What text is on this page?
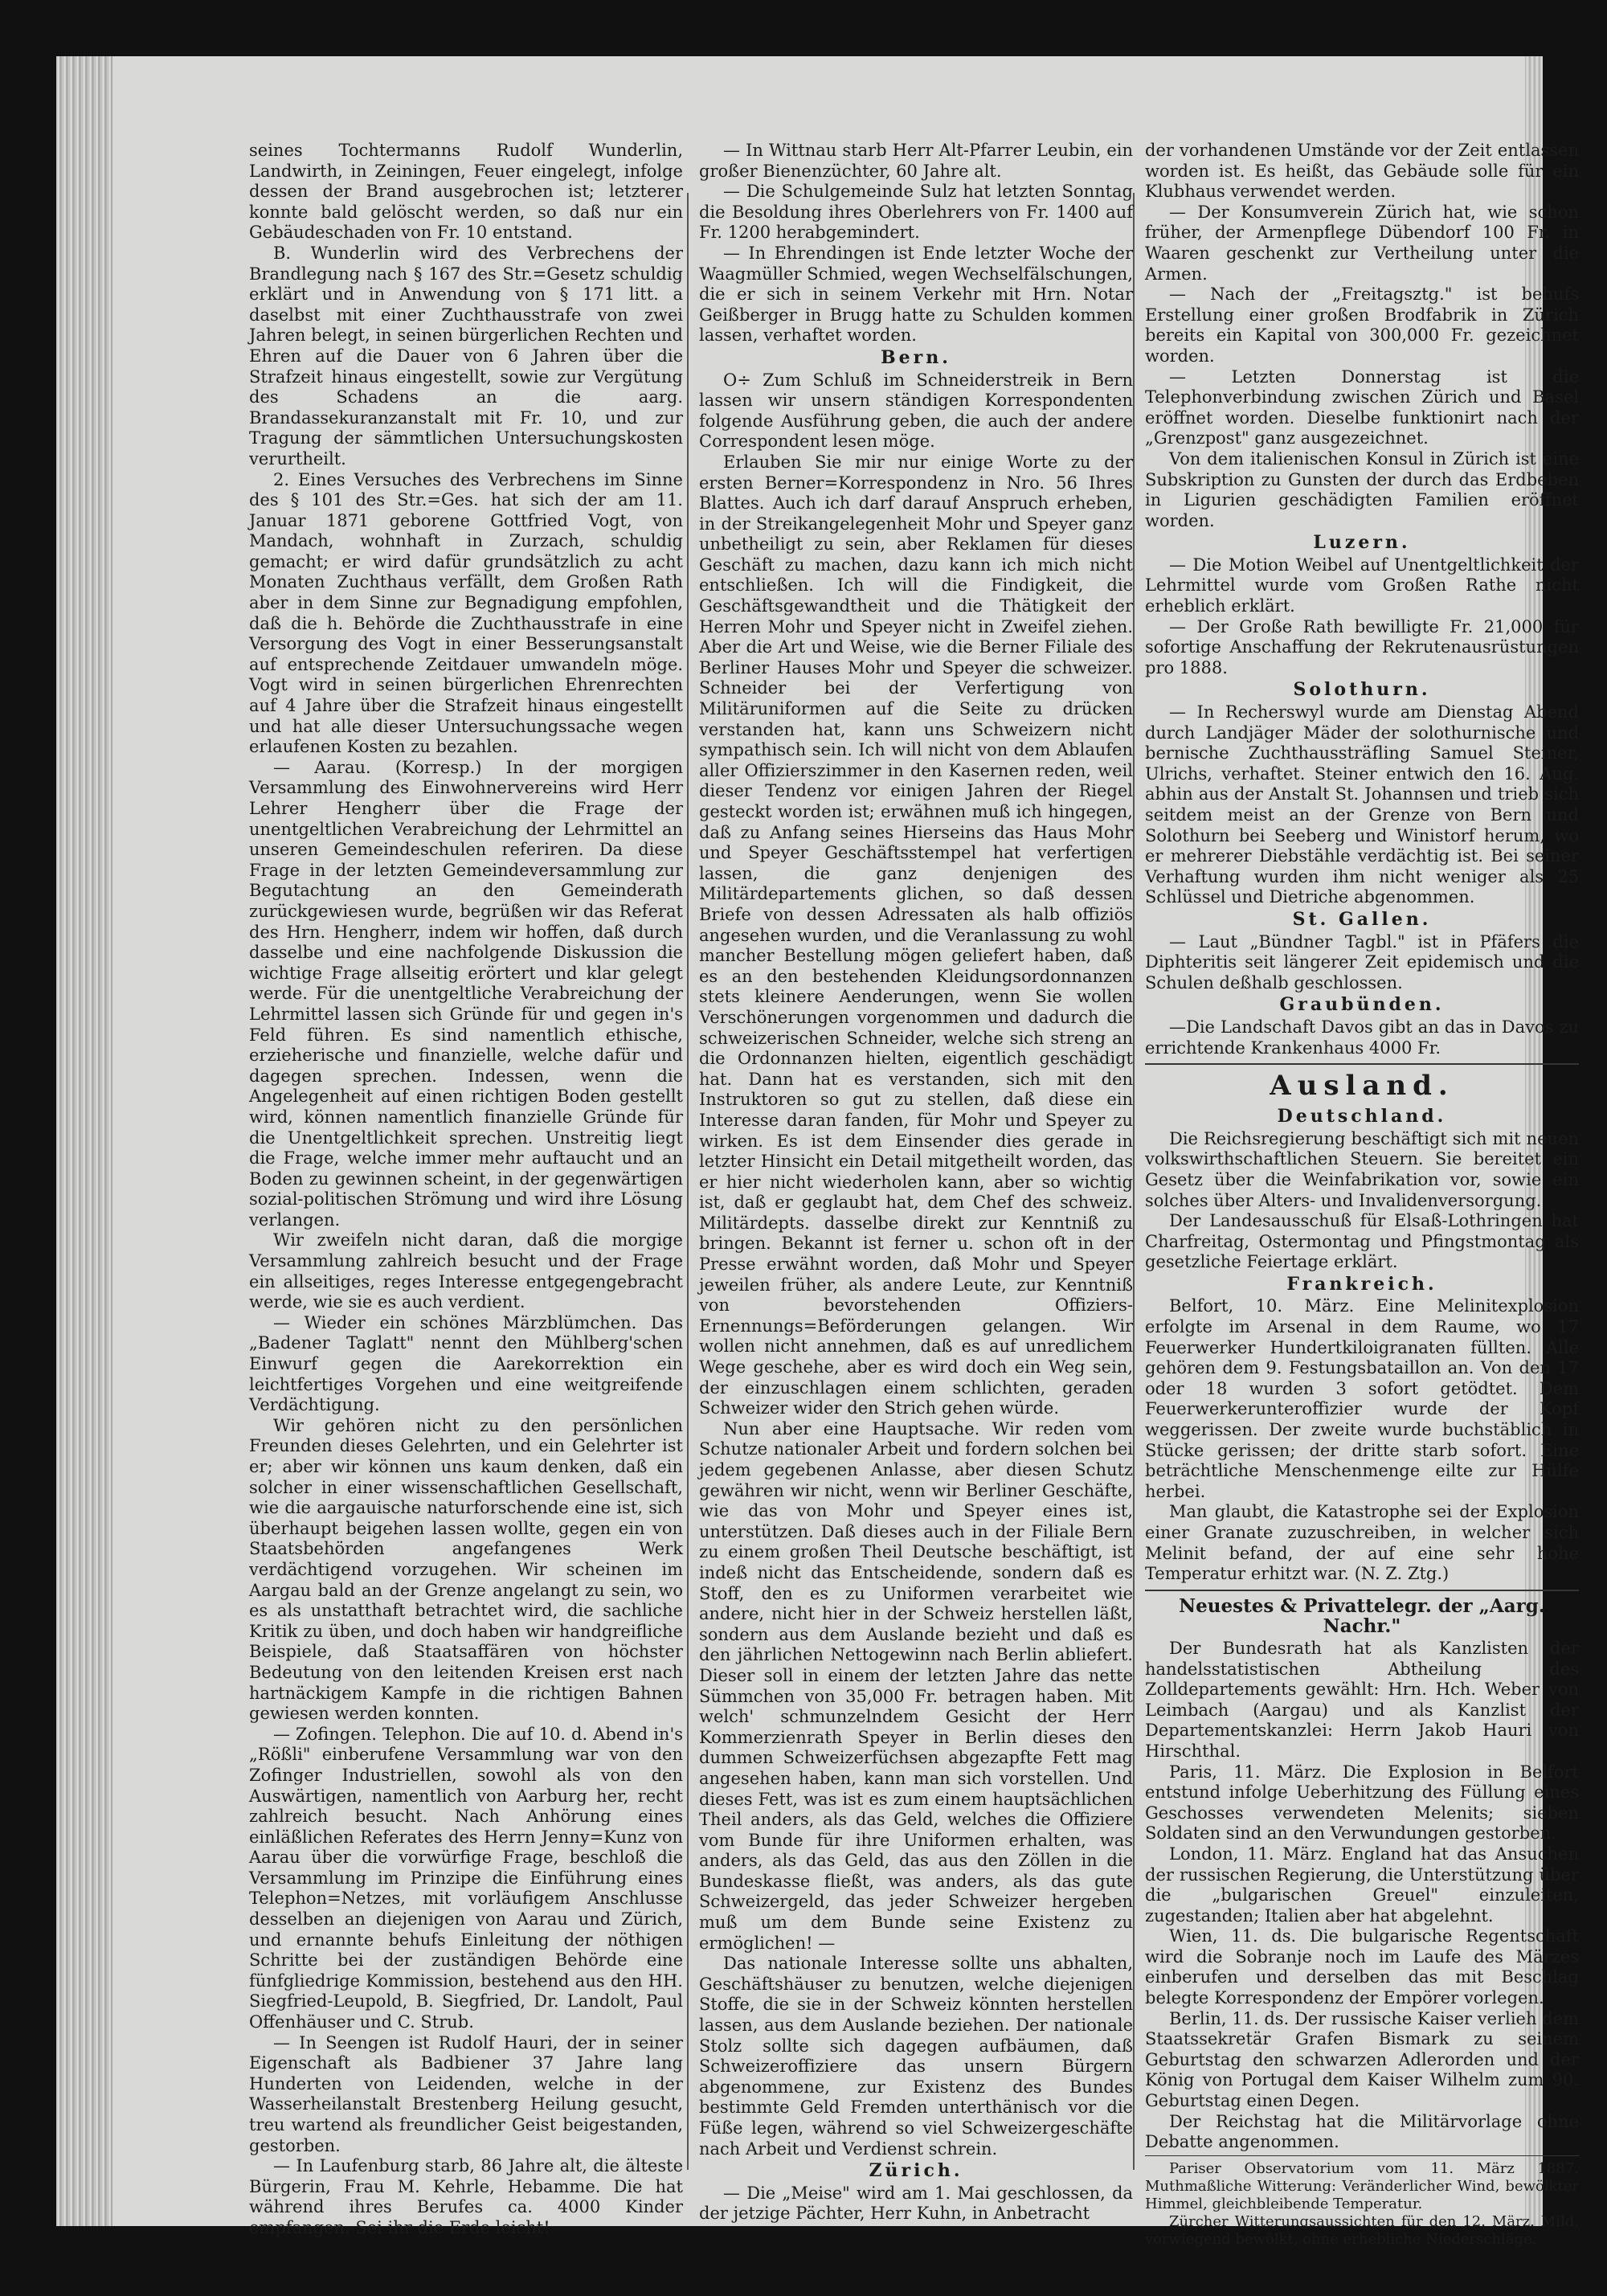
seines Tochtermanns Rudolf Wunderlin, Landwirth, in Zeiningen, Feuer eingelegt, infolge dessen der Brand ausgebrochen ist; letzterer konnte bald gelöscht werden, so daß nur ein Gebäudeschaden von Fr. 10 entstand.

B. Wunderlin wird des Verbrechens der Brandlegung nach § 167 des Str.=Gesetz schuldig erklärt und in Anwendung von § 171 litt. a daselbst mit einer Zuchthausstrafe von zwei Jahren belegt, in seinen bürgerlichen Rechten und Ehren auf die Dauer von 6 Jahren über die Strafzeit hinaus eingestellt, sowie zur Vergütung des Schadens an die aarg. Brandassekuranzanstalt mit Fr. 10, und zur Tragung der sämmtlichen Untersuchungskosten verurtheilt.

2. Eines Versuches des Verbrechens im Sinne des § 101 des Str.=Ges. hat sich der am 11. Januar 1871 geborene Gottfried Vogt, von Mandach, wohnhaft in Zurzach, schuldig gemacht; er wird dafür grundsätzlich zu acht Monaten Zuchthaus verfällt, dem Großen Rath aber in dem Sinne zur Begnadigung empfohlen, daß die h. Behörde die Zuchthausstrafe in eine Versorgung des Vogt in einer Besserungsanstalt auf entsprechende Zeitdauer umwandeln möge. Vogt wird in seinen bürgerlichen Ehrenrechten auf 4 Jahre über die Strafzeit hinaus eingestellt und hat alle dieser Untersuchungssache wegen erlaufenen Kosten zu bezahlen.

— Aarau. (Korresp.) In der morgigen Versammlung des Einwohnervereins wird Herr Lehrer Hengherr über die Frage der unentgeltlichen Verabreichung der Lehrmittel an unseren Gemeindeschulen referiren. Da diese Frage in der letzten Gemeindeversammlung zur Begutachtung an den Gemeinderath zurückgewiesen wurde, begrüßen wir das Referat des Hrn. Hengherr, indem wir hoffen, daß durch dasselbe und eine nachfolgende Diskussion die wichtige Frage allseitig erörtert und klar gelegt werde. Für die unentgeltliche Verabreichung der Lehrmittel lassen sich Gründe für und gegen in's Feld führen. Es sind namentlich ethische, erzieherische und finanzielle, welche dafür und dagegen sprechen. Indessen, wenn die Angelegenheit auf einen richtigen Boden gestellt wird, können namentlich finanzielle Gründe für die Unentgeltlichkeit sprechen. Unstreitig liegt die Frage, welche immer mehr auftaucht und an Boden zu gewinnen scheint, in der gegenwärtigen sozial-politischen Strömung und wird ihre Lösung verlangen.

Wir zweifeln nicht daran, daß die morgige Versammlung zahlreich besucht und der Frage ein allseitiges, reges Interesse entgegengebracht werde, wie sie es auch verdient.

— Wieder ein schönes Märzblümchen. Das „Badener Taglatt" nennt den Mühlberg'schen Einwurf gegen die Aarekorrektion ein leichtfertiges Vorgehen und eine weitgreifende Verdächtigung.

Wir gehören nicht zu den persönlichen Freunden dieses Gelehrten, und ein Gelehrter ist er; aber wir können uns kaum denken, daß ein solcher in einer wissenschaftlichen Gesellschaft, wie die aargauische naturforschende eine ist, sich überhaupt beigehen lassen wollte, gegen ein von Staatsbehörden angefangenes Werk verdächtigend vorzugehen. Wir scheinen im Aargau bald an der Grenze angelangt zu sein, wo es als unstatthaft betrachtet wird, die sachliche Kritik zu üben, und doch haben wir handgreifliche Beispiele, daß Staatsaffären von höchster Bedeutung von den leitenden Kreisen erst nach hartnäckigem Kampfe in die richtigen Bahnen gewiesen werden konnten.

— Zofingen. Telephon. Die auf 10. d. Abend in's „Rößli" einberufene Versammlung war von den Zofinger Industriellen, sowohl als von den Auswärtigen, namentlich von Aarburg her, recht zahlreich besucht. Nach Anhörung eines einläßlichen Referates des Herrn Jenny=Kunz von Aarau über die vorwürfige Frage, beschloß die Versammlung im Prinzipe die Einführung eines Telephon=Netzes, mit vorläufigem Anschlusse desselben an diejenigen von Aarau und Zürich, und ernannte behufs Einleitung der nöthigen Schritte bei der zuständigen Behörde eine fünfgliedrige Kommission, bestehend aus den HH. Siegfried-Leupold, B. Siegfried, Dr. Landolt, Paul Offenhäuser und C. Strub.

— In Seengen ist Rudolf Hauri, der in seiner Eigenschaft als Badbiener 37 Jahre lang Hunderten von Leidenden, welche in der Wasserheilanstalt Brestenberg Heilung gesucht, treu wartend als freundlicher Geist beigestanden, gestorben.

— In Laufenburg starb, 86 Jahre alt, die älteste Bürgerin, Frau M. Kehrle, Hebamme. Die hat während ihres Berufes ca. 4000 Kinder empfangen. Sei ihr die Erde leicht!

— In Wittnau starb Herr Alt-Pfarrer Leubin, ein großer Bienenzüchter, 60 Jahre alt.

— Die Schulgemeinde Sulz hat letzten Sonntag die Besoldung ihres Oberlehrers von Fr. 1400 auf Fr. 1200 herabgemindert.

— In Ehrendingen ist Ende letzter Woche der Waagmüller Schmied, wegen Wechselfälschungen, die er sich in seinem Verkehr mit Hrn. Notar Geißberger in Brugg hatte zu Schulden kommen lassen, verhaftet worden.

Bern.

O÷ Zum Schluß im Schneiderstreik in Bern lassen wir unsern ständigen Korrespondenten folgende Ausführung geben, die auch der andere Correspondent lesen möge.

Erlauben Sie mir nur einige Worte zu der ersten Berner=Korrespondenz in Nro. 56 Ihres Blattes. Auch ich darf darauf Anspruch erheben, in der Streikangelegenheit Mohr und Speyer ganz unbetheiligt zu sein, aber Reklamen für dieses Geschäft zu machen, dazu kann ich mich nicht entschließen. Ich will die Findigkeit, die Geschäftsgewandtheit und die Thätigkeit der Herren Mohr und Speyer nicht in Zweifel ziehen. Aber die Art und Weise, wie die Berner Filiale des Berliner Hauses Mohr und Speyer die schweizer. Schneider bei der Verfertigung von Militäruniformen auf die Seite zu drücken verstanden hat, kann uns Schweizern nicht sympathisch sein. Ich will nicht von dem Ablaufen aller Offizierszimmer in den Kasernen reden, weil dieser Tendenz vor einigen Jahren der Riegel gesteckt worden ist; erwähnen muß ich hingegen, daß zu Anfang seines Hierseins das Haus Mohr und Speyer Geschäftsstempel hat verfertigen lassen, die ganz denjenigen des Militärdepartements glichen, so daß dessen Briefe von dessen Adressaten als halb offiziös angesehen wurden, und die Veranlassung zu wohl mancher Bestellung mögen geliefert haben, daß es an den bestehenden Kleidungsordonnanzen stets kleinere Aenderungen, wenn Sie wollen Verschönerungen vorgenommen und dadurch die schweizerischen Schneider, welche sich streng an die Ordonnanzen hielten, eigentlich geschädigt hat. Dann hat es verstanden, sich mit den Instruktoren so gut zu stellen, daß diese ein Interesse daran fanden, für Mohr und Speyer zu wirken. Es ist dem Einsender dies gerade in letzter Hinsicht ein Detail mitgetheilt worden, das er hier nicht wiederholen kann, aber so wichtig ist, daß er geglaubt hat, dem Chef des schweiz. Militärdepts. dasselbe direkt zur Kenntniß zu bringen. Bekannt ist ferner u. schon oft in der Presse erwähnt worden, daß Mohr und Speyer jeweilen früher, als andere Leute, zur Kenntniß von bevorstehenden Offiziers-Ernennungs=Beförderungen gelangen. Wir wollen nicht annehmen, daß es auf unredlichem Wege geschehe, aber es wird doch ein Weg sein, der einzuschlagen einem schlichten, geraden Schweizer wider den Strich gehen würde.

Nun aber eine Hauptsache. Wir reden vom Schutze nationaler Arbeit und fordern solchen bei jedem gegebenen Anlasse, aber diesen Schutz gewähren wir nicht, wenn wir Berliner Geschäfte, wie das von Mohr und Speyer eines ist, unterstützen. Daß dieses auch in der Filiale Bern zu einem großen Theil Deutsche beschäftigt, ist indeß nicht das Entscheidende, sondern daß es Stoff, den es zu Uniformen verarbeitet wie andere, nicht hier in der Schweiz herstellen läßt, sondern aus dem Auslande bezieht und daß es den jährlichen Nettogewinn nach Berlin abliefert. Dieser soll in einem der letzten Jahre das nette Sümmchen von 35,000 Fr. betragen haben. Mit welch' schmunzelndem Gesicht der Herr Kommerzienrath Speyer in Berlin dieses den dummen Schweizerfüchsen abgezapfte Fett mag angesehen haben, kann man sich vorstellen. Und dieses Fett, was ist es zum einem hauptsächlichen Theil anders, als das Geld, welches die Offiziere vom Bunde für ihre Uniformen erhalten, was anders, als das Geld, das aus den Zöllen in die Bundeskasse fließt, was anders, als das gute Schweizergeld, das jeder Schweizer hergeben muß um dem Bunde seine Existenz zu ermöglichen! —

Das nationale Interesse sollte uns abhalten, Geschäftshäuser zu benutzen, welche diejenigen Stoffe, die sie in der Schweiz könnten herstellen lassen, aus dem Auslande beziehen. Der nationale Stolz sollte sich dagegen aufbäumen, daß Schweizeroffiziere das unsern Bürgern abgenommene, zur Existenz des Bundes bestimmte Geld Fremden unterthänisch vor die Füße legen, während so viel Schweizergeschäfte nach Arbeit und Verdienst schrein.

Zürich.

— Die „Meise" wird am 1. Mai geschlossen, da der jetzige Pächter, Herr Kuhn, in Anbetracht

der vorhandenen Umstände vor der Zeit entlassen worden ist. Es heißt, das Gebäude solle für ein Klubhaus verwendet werden.

— Der Konsumverein Zürich hat, wie schon früher, der Armenpflege Dübendorf 100 Fr. in Waaren geschenkt zur Vertheilung unter die Armen.

— Nach der „Freitagsztg." ist behufs Erstellung einer großen Brodfabrik in Zürich bereits ein Kapital von 300,000 Fr. gezeichnet worden.

— Letzten Donnerstag ist die Telephonverbindung zwischen Zürich und Basel eröffnet worden. Dieselbe funktionirt nach der „Grenzpost" ganz ausgezeichnet.

Von dem italienischen Konsul in Zürich ist eine Subskription zu Gunsten der durch das Erdbeben in Ligurien geschädigten Familien eröffnet worden.

Luzern.

— Die Motion Weibel auf Unentgeltlichkeit der Lehrmittel wurde vom Großen Rathe nicht erheblich erklärt.

— Der Große Rath bewilligte Fr. 21,000 für sofortige Anschaffung der Rekrutenausrüstungen pro 1888.

Solothurn.

— In Recherswyl wurde am Dienstag Abend durch Landjäger Mäder der solothurnische und bernische Zuchthaussträfling Samuel Steiner, Ulrichs, verhaftet. Steiner entwich den 16. Aug. abhin aus der Anstalt St. Johannsen und trieb sich seitdem meist an der Grenze von Bern und Solothurn bei Seeberg und Winistorf herum, wo er mehrerer Diebstähle verdächtig ist. Bei seiner Verhaftung wurden ihm nicht weniger als 25 Schlüssel und Dietriche abgenommen.

St. Gallen.

— Laut „Bündner Tagbl." ist in Pfäfers die Diphteritis seit längerer Zeit epidemisch und die Schulen deßhalb geschlossen.

Graubünden.

—Die Landschaft Davos gibt an das in Davos zu errichtende Krankenhaus 4000 Fr.

Ausland.
Deutschland.

Die Reichsregierung beschäftigt sich mit neuen volkswirthschaftlichen Steuern. Sie bereitet ein Gesetz über die Weinfabrikation vor, sowie ein solches über Alters- und Invalidenversorgung.

Der Landesausschuß für Elsaß-Lothringen hat Charfreitag, Ostermontag und Pfingstmontag als gesetzliche Feiertage erklärt.

Frankreich.

Belfort, 10. März. Eine Melinitexplosion erfolgte im Arsenal in dem Raume, wo 17 Feuerwerker Hundertkiloigranaten füllten. Alle gehören dem 9. Festungsbataillon an. Von den 17 oder 18 wurden 3 sofort getödtet. Dem Feuerwerkerunteroffizier wurde der Kopf weggerissen. Der zweite wurde buchstäblich in Stücke gerissen; der dritte starb sofort. Eine beträchtliche Menschenmenge eilte zur Hülfe herbei.

Man glaubt, die Katastrophe sei der Explosion einer Granate zuzuschreiben, in welcher sich Melinit befand, der auf eine sehr hohe Temperatur erhitzt war. (N. Z. Ztg.)

Neuestes & Privattelegr. der „Aarg. Nachr."

Der Bundesrath hat als Kanzlisten der handelsstatistischen Abtheilung des Zolldepartements gewählt: Hrn. Hch. Weber von Leimbach (Aargau) und als Kanzlist der Departementskanzlei: Herrn Jakob Hauri von Hirschthal.

Paris, 11. März. Die Explosion in Belfort entstund infolge Ueberhitzung des Füllung eines Geschosses verwendeten Melenits; sieben Soldaten sind an den Verwundungen gestorben.

London, 11. März. England hat das Ansuchen der russischen Regierung, die Unterstützung über die „bulgarischen Greuel" einzuleiten, zugestanden; Italien aber hat abgelehnt.

Wien, 11. ds. Die bulgarische Regentschaft wird die Sobranje noch im Laufe des Märzes einberufen und derselben das mit Beschlag belegte Korrespondenz der Empörer vorlegen.

Berlin, 11. ds. Der russische Kaiser verlieh dem Staatssekretär Grafen Bismark zu seinem Geburtstag den schwarzen Adlerorden und der König von Portugal dem Kaiser Wilhelm zum 90. Geburtstag einen Degen.

Der Reichstag hat die Militärvorlage ohne Debatte angenommen.

Pariser Observatorium vom 11. März 1887. Muthmaßliche Witterung: Veränderlicher Wind, bewölkter Himmel, gleichbleibende Temperatur.

Zürcher Witterungsaussichten für den 12. März. Mild, vorwiegend bewölkt, ohne erhebliche Niederschläge.
